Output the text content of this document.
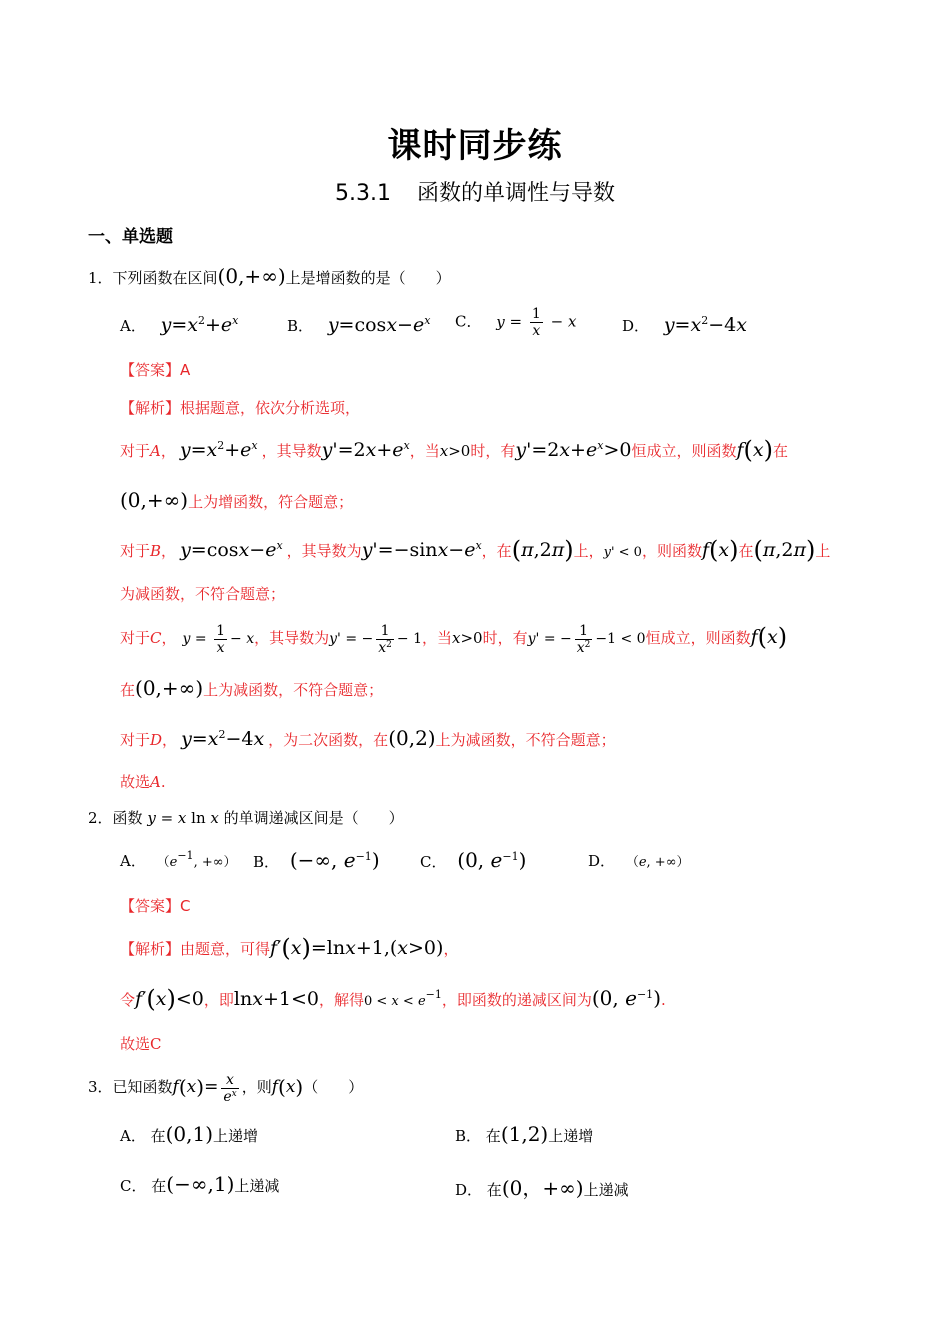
课时同步练
5.3.1 函数的单调性与导数
一、单选题
1．下列函数在区间(0,+∞)上是增函数的是（　　）
A． $y=x^2+e^x$	B． $y=\cos x-e^x$ C． $y = \frac{1}{x} - x$	D． $y=x^2-4x$
【答案】A
【解析】根据题意，依次分析选项，
对于A， $y=x^2+e^x$ ，其导数$y'=2x+e^x$，当x>0时，有$y'=2x+e^x>0$恒成立，则函数f(x)在
(0,+∞)上为增函数，符合题意；
对于B， $y=\cos x-e^x$ ，其导数为$y'=-\sin x-e^x$，在(π,2π)上，y' < 0，则函数f(x)在(π,2π)上
为减函数，不符合题意；
对于C， $y = \frac{1}{x} - x$，其导数为y' = − $\frac{1}{x^2} - 1$，当x>0时，有y' = − $\frac{1}{x^2} -1 < 0$恒成立，则函数f(x)
在(0,+∞)上为减函数，不符合题意；
对于D， $y=x^2-4x$ ，为二次函数，在(0,2)上为减函数，不符合题意；
故选A.
2．函数 y = x ln x 的单调递减区间是（　　）
A． （$e^{-1}$, +∞） B． (−∞, $e^{-1}$)	C． (0, $e^{-1}$)	D． （e, +∞）
【答案】C
【解析】由题意，可得f′(x)=lnx+1,(x>0)，
令f′(x)<0，即lnx+1<0，解得$0 < x < e^{-1}$，即函数的递减区间为(0, $e^{-1}$).
故选C
3．已知函数$f(x)= \frac{x}{e^x}$ ，则f(x)（　　）
A． 在(0,1)上递增	B． 在(1,2)上递增
C． 在(−∞,1)上递减	D． 在(0，+∞)上递减
